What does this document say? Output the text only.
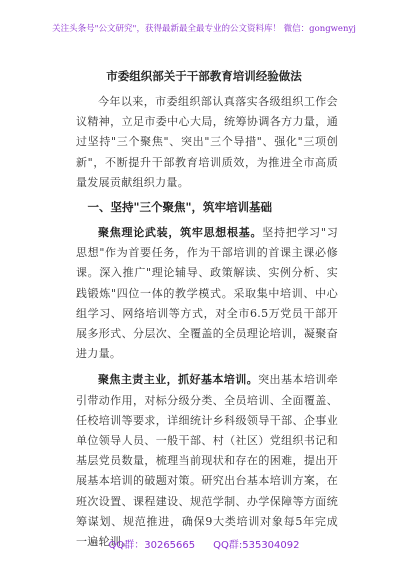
关注头条号"公文研究"，获得最新最全最专业的公文资料库！ 微信：gongwenyj
市委组织部关于干部教育培训经验做法

今年以来，市委组织部认真落实各级组织工作会议精神，立足市委中心大局，统筹协调各方力量，通过坚持"三个聚焦"、突出"三个导措"、强化"三项创新"，不断提升干部教育培训质效，为推进全市高质量发展贡献组织力量。

一、坚持"三个聚焦"，筑牢培训基础

聚焦理论武装，筑牢思想根基。坚持把学习"习思想"作为首要任务，作为干部培训的首课主课必修课。深入推广"理论辅导、政策解读、实例分析、实践锻炼"四位一体的教学模式。采取集中培训、中心组学习、网络培训等方式，对全市6.5万党员干部开展多形式、分层次、全覆盖的全员理论培训，凝聚奋进力量。

聚焦主责主业，抓好基本培训。突出基本培训牵引带动作用，对标分级分类、全员培训、全面覆盖、任校培训等要求，详细统计乡科级领导干部、企事业单位领导人员、一般干部、村（社区）党组织书记和基层党员数量，梳理当前现状和存在的困难，提出开展基本培训的破题对策。研究出台基本培训方案，在班次设置、课程建设、规范学制、办学保障等方面统筹谋划、规范推进，确保9大类培训对象每5年完成一遍轮训。

QQ群：30265665 QQ群:535304092
